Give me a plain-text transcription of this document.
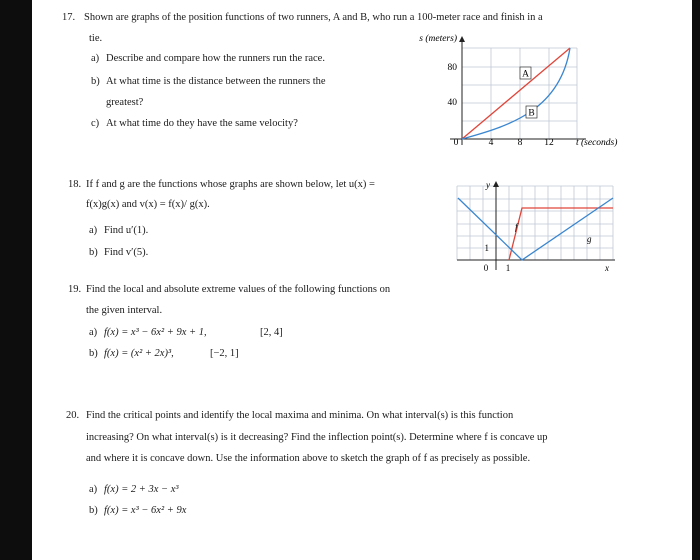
17. Shown are graphs of the position functions of two runners, A and B, who run a 100-meter race and finish in a
tie.
a) Describe and compare how the runners run the race.
b) At what time is the distance between the runners the
greatest?
c) At what time do they have the same velocity?
s (meters)
80
40
0	4	8 12 t (seconds)
A
B
18. If f and g are the functions whose graphs are shown below, let u(x) =
f(x)g(x) and v(x) = f(x)/ g(x).
a) Find u′(1).
b) Find v′(5).
y
x
1
0 1
f
g
19. Find the local and absolute extreme values of the following functions on
the given interval.
a) f(x) = x³ − 6x² + 9x + 1,	[2, 4]
b) f(x) = (x² + 2x)³,	[−2, 1]
20. Find the critical points and identify the local maxima and minima. On what interval(s) is this function
increasing? On what interval(s) is it decreasing? Find the inflection point(s). Determine where f is concave up
and where it is concave down. Use the information above to sketch the graph of f as precisely as possible.
a) f(x) = 2 + 3x − x³
b) f(x) = x³ − 6x² + 9x
